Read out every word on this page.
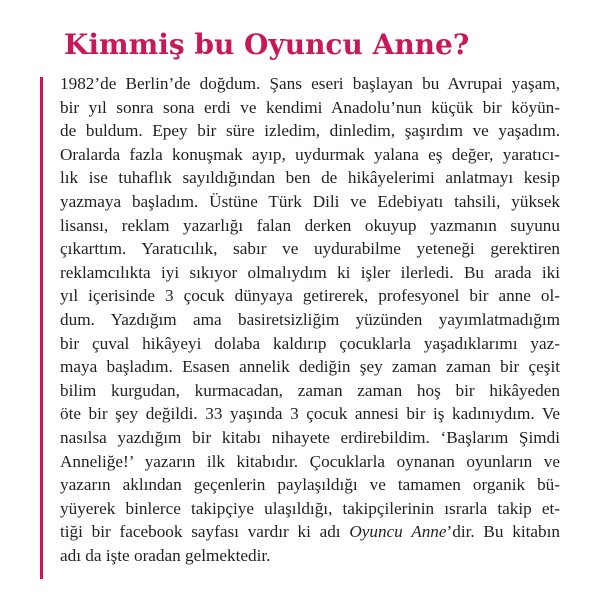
Kimmiş bu Oyuncu Anne?
1982’de Berlin’de doğdum. Şans eseri başlayan bu Avrupai yaşam,
bir yıl sonra sona erdi ve kendimi Anadolu’nun küçük bir köyün-
de buldum. Epey bir süre izledim, dinledim, şaşırdım ve yaşadım.
Oralarda fazla konuşmak ayıp, uydurmak yalana eş değer, yaratıcı-
lık ise tuhaflık sayıldığından ben de hikâyelerimi anlatmayı kesip
yazmaya başladım. Üstüne Türk Dili ve Edebiyatı tahsili, yüksek
lisansı, reklam yazarlığı falan derken okuyup yazmanın suyunu
çıkarttım. Yaratıcılık, sabır ve uydurabilme yeteneği gerektiren
reklamcılıkta iyi sıkıyor olmalıydım ki işler ilerledi. Bu arada iki
yıl içerisinde 3 çocuk dünyaya getirerek, profesyonel bir anne ol-
dum. Yazdığım ama basiretsizliğim yüzünden yayımlatmadığım
bir çuval hikâyeyi dolaba kaldırıp çocuklarla yaşadıklarımı yaz-
maya başladım. Esasen annelik dediğin şey zaman zaman bir çeşit
bilim kurgudan, kurmacadan, zaman zaman hoş bir hikâyeden
öte bir şey değildi. 33 yaşında 3 çocuk annesi bir iş kadınıydım. Ve
nasılsa yazdığım bir kitabı nihayete erdirebildim. ‘Başlarım Şimdi
Anneliğe!’ yazarın ilk kitabıdır. Çocuklarla oynanan oyunların ve
yazarın aklından geçenlerin paylaşıldığı ve tamamen organik bü-
yüyerek binlerce takipçiye ulaşıldığı, takipçilerinin ısrarla takip et-
tiği bir facebook sayfası vardır ki adı Oyuncu Anne’dir. Bu kitabın
adı da işte oradan gelmektedir.
